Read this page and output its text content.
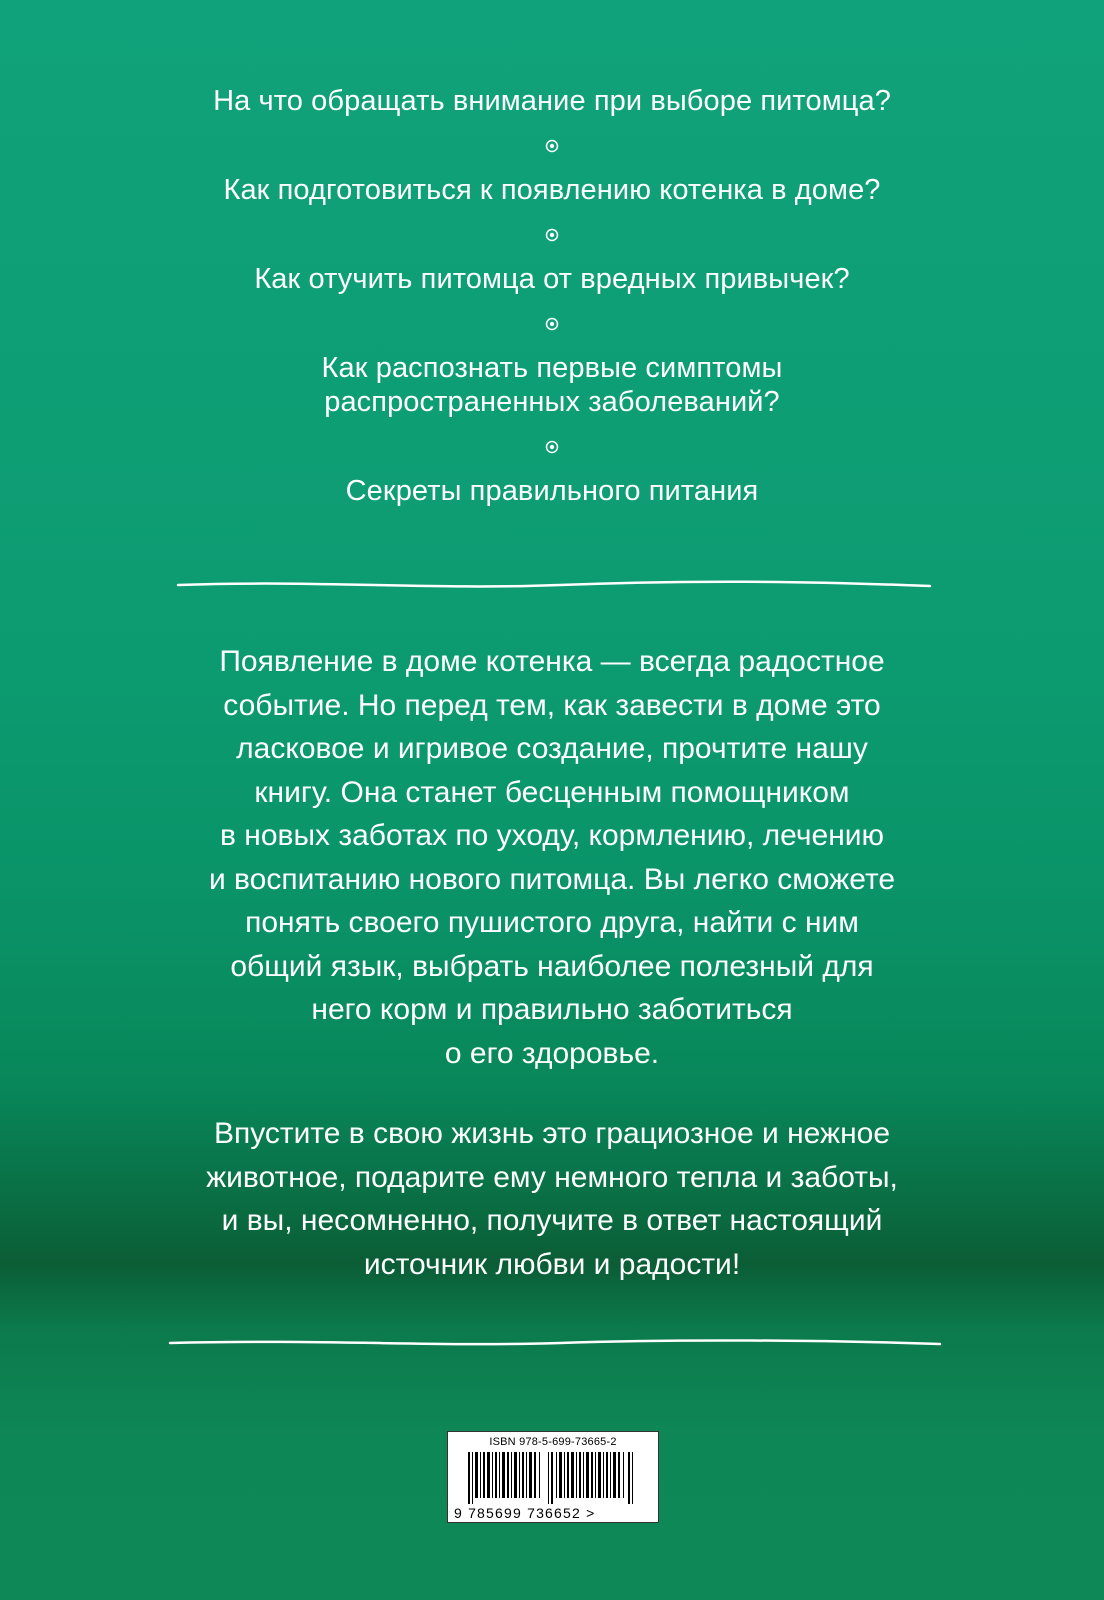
На что обращать внимание при выборе питомца?

Как подготовиться к появлению котенка в доме?

Как отучить питомца от вредных привычек?

Как распознать первые симптомы
распространенных заболеваний?

Секреты правильного питания

Появление в доме котенка — всегда радостное
событие. Но перед тем, как завести в доме это
ласковое и игривое создание, прочтите нашу
книгу. Она станет бесценным помощником
в новых заботах по уходу, кормлению, лечению
и воспитанию нового питомца. Вы легко сможете
понять своего пушистого друга, найти с ним
общий язык, выбрать наиболее полезный для
него корм и правильно заботиться
о его здоровье.

Впустите в свою жизнь это грациозное и нежное
животное, подарите ему немного тепла и заботы,
и вы, несомненно, получите в ответ настоящий
источник любви и радости!

ISBN 978-5-699-73665-2
9 785699 736652 >
